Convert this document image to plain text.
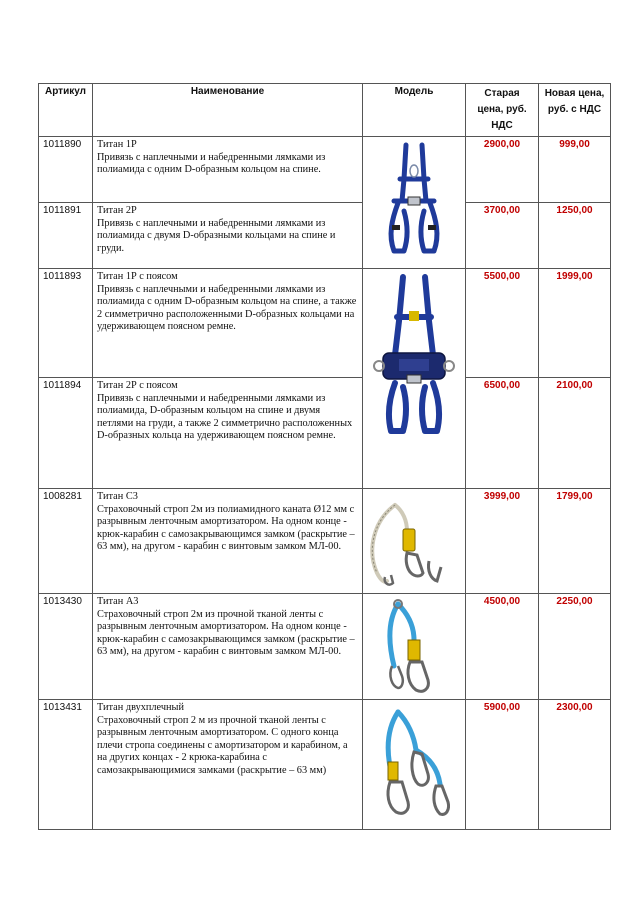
Артикул	Наименование	Модель	Старая цена, руб. НДС	Новая цена, руб. с НДС
1011890	Титан 1Р
Привязь с наплечными и набедренными лямками из полиамида с одним D-образным кольцом на спине.		2900,00	999,00
1011891	Титан 2Р
Привязь с наплечными и набедренными лямками из полиамида с двумя D-образными кольцами на спине и груди.		3700,00	1250,00
1011893	Титан 1Р с поясом
Привязь с наплечными и набедренными лямками из полиамида с одним D-образным кольцом на спине, а также 2 симметрично расположенными D-образных кольцами на удерживающем поясном ремне.		5500,00	1999,00
1011894	Титан 2Р с поясом
Привязь с наплечными и набедренными лямками из полиамида, D-образным кольцом на спине и двумя петлями на груди, а также 2 симметрично расположенных D-образных кольца на удерживающем поясном ремне.		6500,00	2100,00
1008281	Титан С3
Страховочный строп 2м из полиамидного каната Ø12 мм с разрывным ленточным амортизатором. На одном конце - крюк-карабин с самозакрывающимся замком (раскрытие – 63 мм), на другом - карабин с винтовым замком МЛ-00.		3999,00	1799,00
1013430	Титан А3
Страховочный строп 2м из прочной тканой ленты с разрывным ленточным амортизатором. На одном конце - крюк-карабин с самозакрывающимся замком (раскрытие – 63 мм), на другом - карабин с винтовым замком МЛ-00.		4500,00	2250,00
1013431	Титан двухплечный
Страховочный строп 2 м из прочной тканой ленты с разрывным ленточным амортизатором. С одного конца плечи стропа соединены с амортизатором и карабином, а на других концах - 2 крюка-карабина с самозакрывающимися замками (раскрытие – 63 мм)		5900,00	2300,00
